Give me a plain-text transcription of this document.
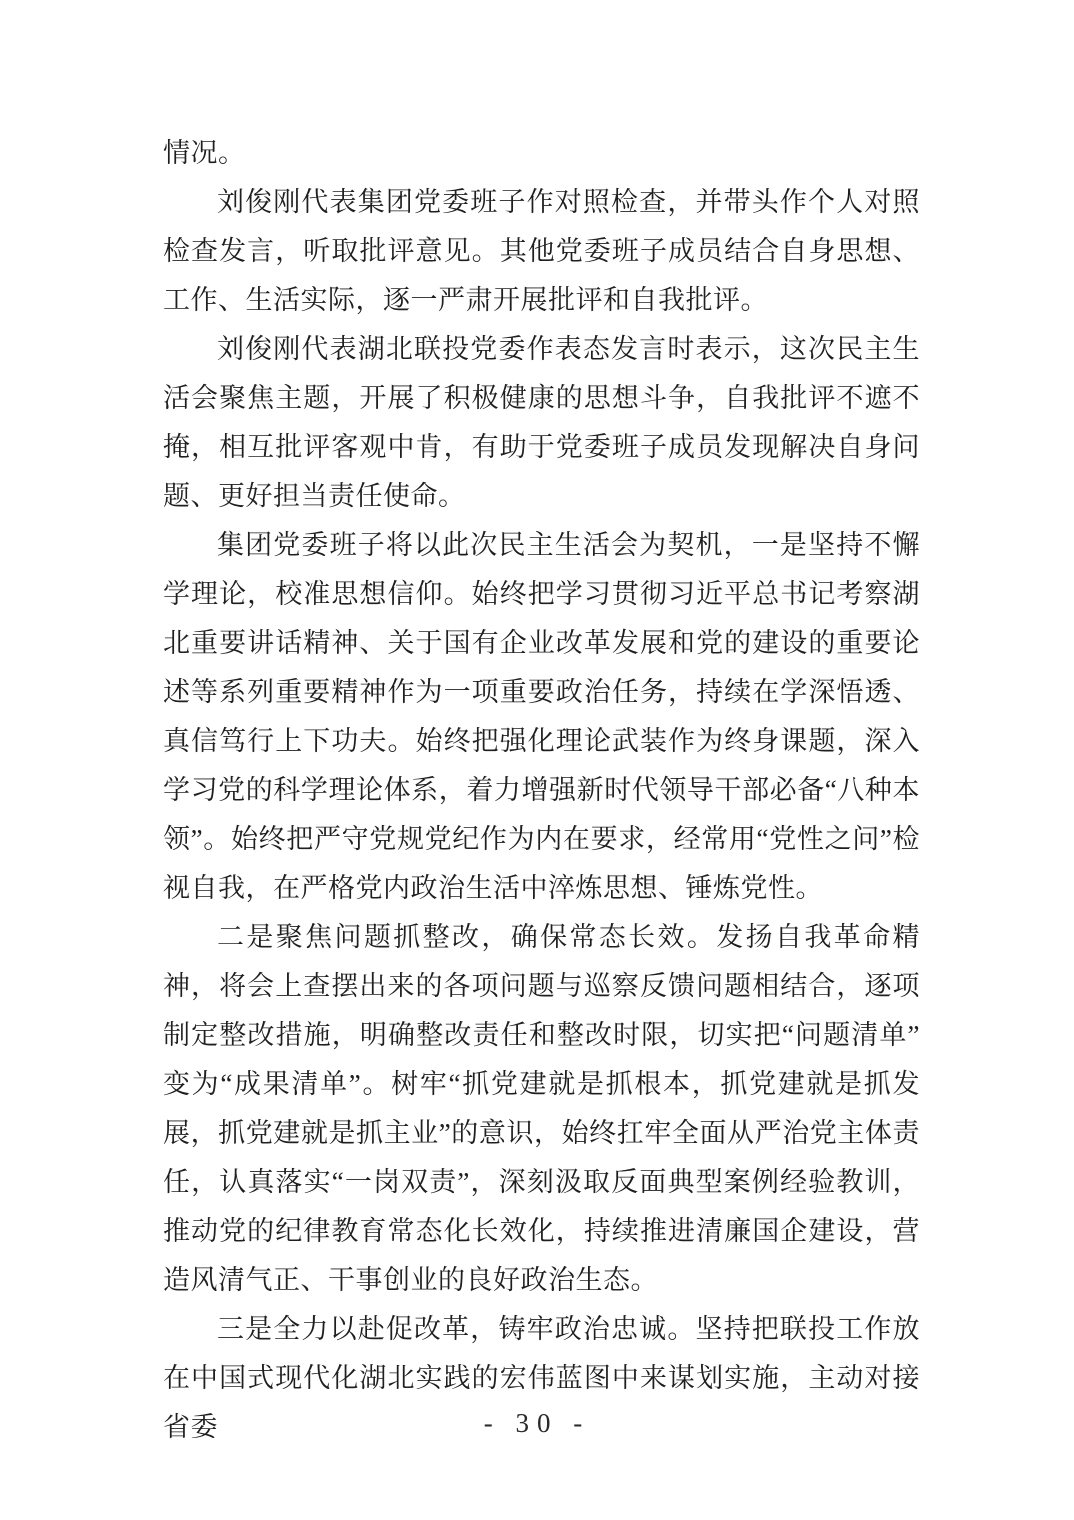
情况。

刘俊刚代表集团党委班子作对照检查，并带头作个人对照检查发言，听取批评意见。其他党委班子成员结合自身思想、工作、生活实际，逐一严肃开展批评和自我批评。

刘俊刚代表湖北联投党委作表态发言时表示，这次民主生活会聚焦主题，开展了积极健康的思想斗争，自我批评不遮不掩，相互批评客观中肯，有助于党委班子成员发现解决自身问题、更好担当责任使命。

集团党委班子将以此次民主生活会为契机，一是坚持不懈学理论，校准思想信仰。始终把学习贯彻习近平总书记考察湖北重要讲话精神、关于国有企业改革发展和党的建设的重要论述等系列重要精神作为一项重要政治任务，持续在学深悟透、真信笃行上下功夫。始终把强化理论武装作为终身课题，深入学习党的科学理论体系，着力增强新时代领导干部必备“八种本领”。始终把严守党规党纪作为内在要求，经常用“党性之问”检视自我，在严格党内政治生活中淬炼思想、锤炼党性。

二是聚焦问题抓整改，确保常态长效。发扬自我革命精神，将会上查摆出来的各项问题与巡察反馈问题相结合，逐项制定整改措施，明确整改责任和整改时限，切实把“问题清单”变为“成果清单”。树牢“抓党建就是抓根本，抓党建就是抓发展，抓党建就是抓主业”的意识，始终扛牢全面从严治党主体责任，认真落实“一岗双责”，深刻汲取反面典型案例经验教训，推动党的纪律教育常态化长效化，持续推进清廉国企建设，营造风清气正、干事创业的良好政治生态。

三是全力以赴促改革，铸牢政治忠诚。坚持把联投工作放在中国式现代化湖北实践的宏伟蓝图中来谋划实施，主动对接省委	- 30 -
